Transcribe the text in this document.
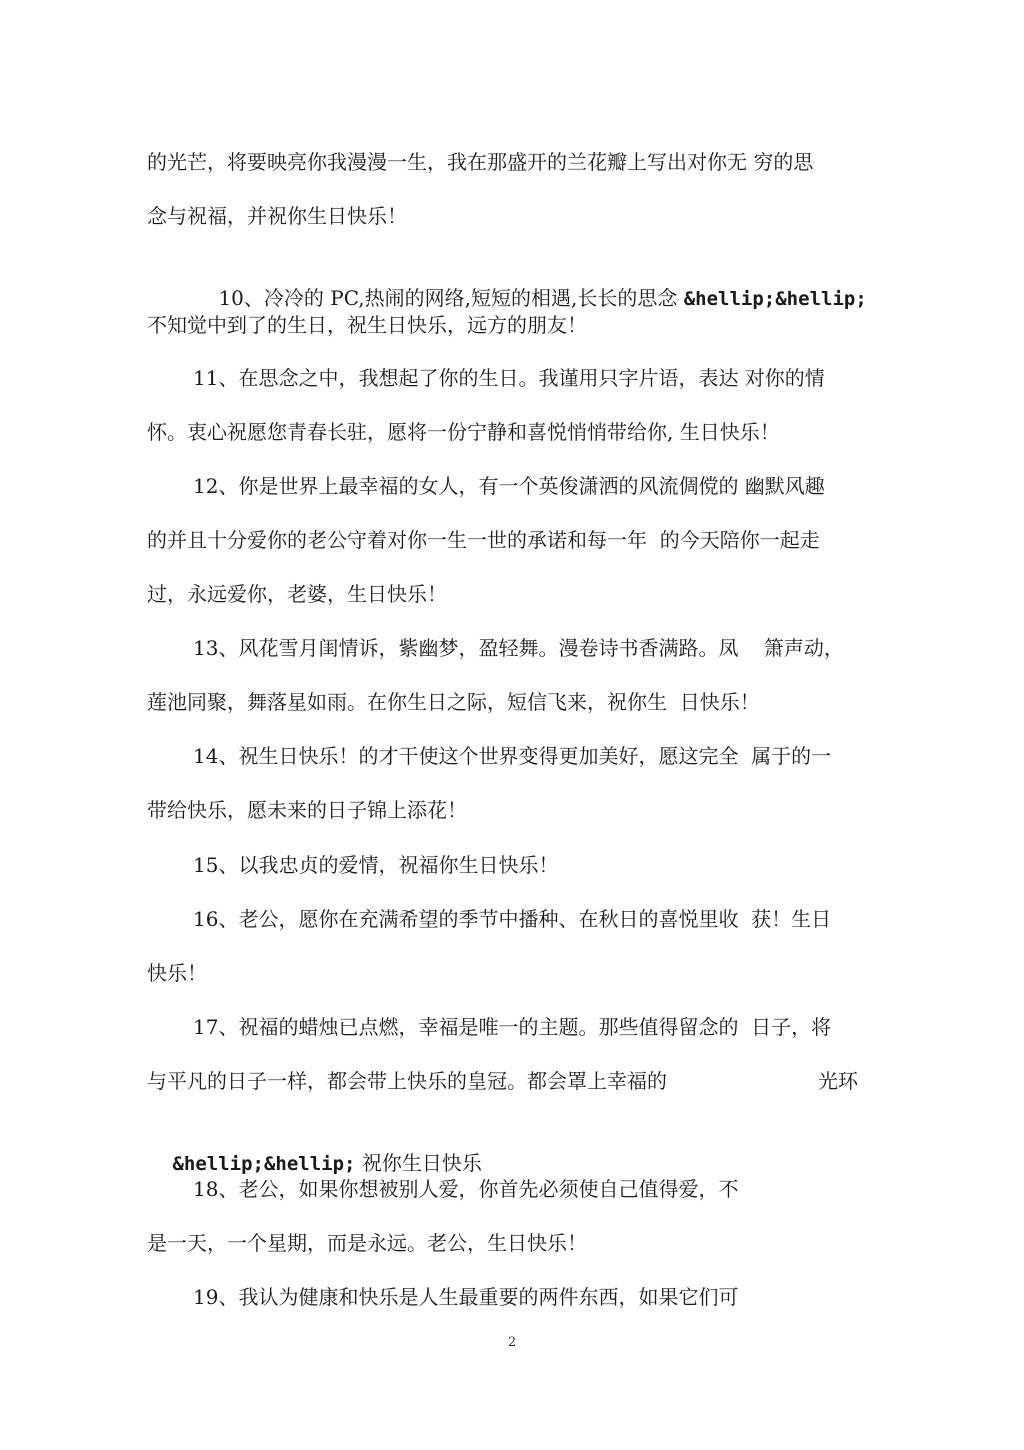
的光芒，将要映亮你我漫漫一生，我在那盛开的兰花瓣上写出对你无 穷的思
念与祝福，并祝你生日快乐！

10、冷冷的 PC,热闹的网络,短短的相遇,长长的思念 &hellip;&hellip;

不知觉中到了的生日，祝生日快乐，远方的朋友！
11、在思念之中，我想起了你的生日。我谨用只字片语，表达 对你的情
怀。衷心祝愿您青春长驻，愿将一份宁静和喜悦悄悄带给你, 生日快乐！
12、你是世界上最幸福的女人，有一个英俊潇洒的风流倜傥的 幽默风趣
的并且十分爱你的老公守着对你一生一世的承诺和每一年  的今天陪你一起走
过，永远爱你，老婆，生日快乐！
13、风花雪月闺情诉，紫幽梦，盈轻舞。漫卷诗书香满路。凤    箫声动，
莲池同聚，舞落星如雨。在你生日之际，短信飞来，祝你生  日快乐！
14、祝生日快乐！的才干使这个世界变得更加美好，愿这完全  属于的一
带给快乐，愿未来的日子锦上添花！
15、以我忠贞的爱情，祝福你生日快乐！
16、老公，愿你在充满希望的季节中播种、在秋日的喜悦里收  获！生日
快乐！
17、祝福的蜡烛已点燃，幸福是唯一的主题。那些值得留念的  日子，将
与平凡的日子一样，都会带上快乐的皇冠。都会罩上幸福的	光环

&hellip;&hellip; 祝你生日快乐

18、老公，如果你想被别人爱，你首先必须使自己值得爱，不
是一天，一个星期，而是永远。老公，生日快乐！
19、我认为健康和快乐是人生最重要的两件东西，如果它们可
2
